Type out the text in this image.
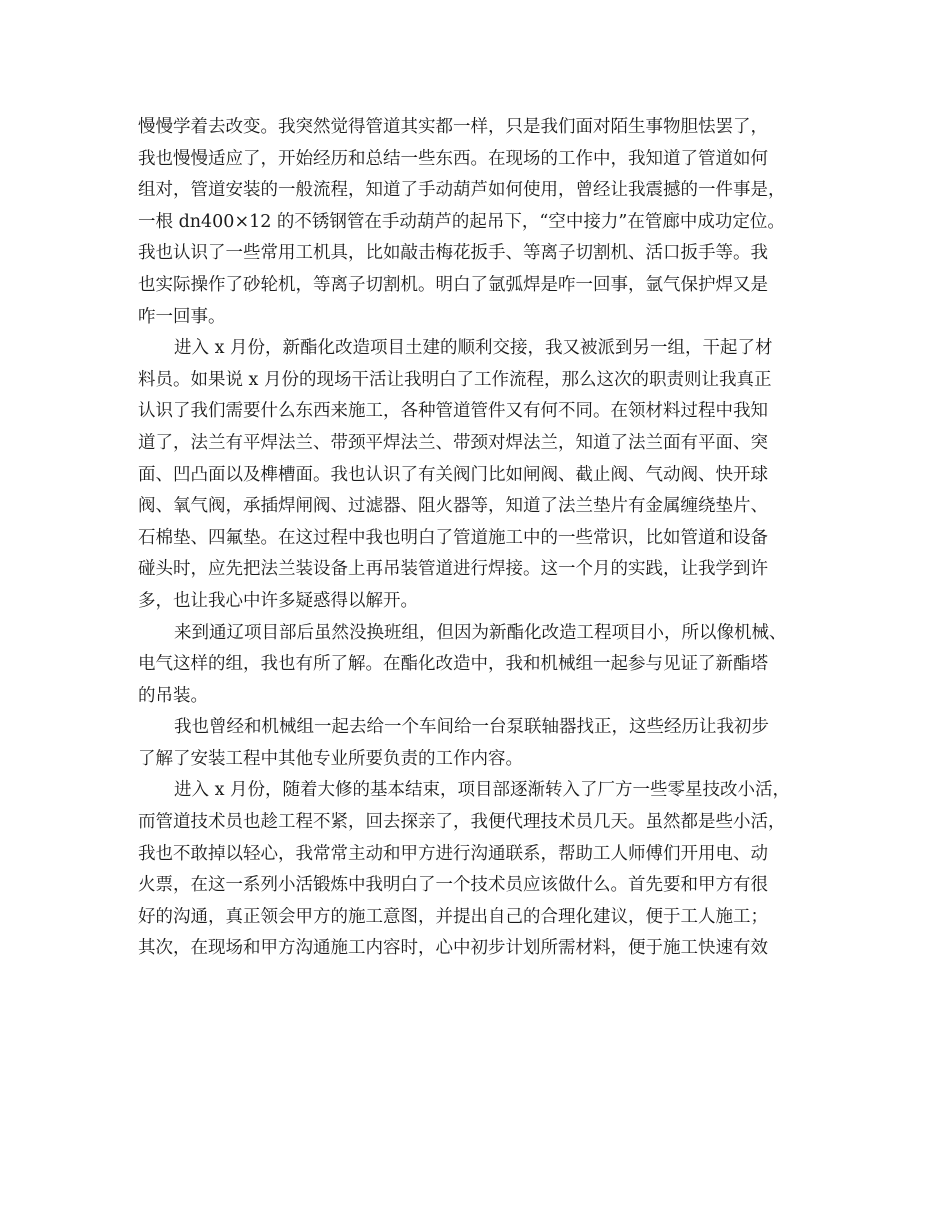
慢慢学着去改变。我突然觉得管道其实都一样，只是我们面对陌生事物胆怯罢了，
我也慢慢适应了，开始经历和总结一些东西。在现场的工作中，我知道了管道如何
组对，管道安装的一般流程，知道了手动葫芦如何使用，曾经让我震撼的一件事是，
一根 dn400×12 的不锈钢管在手动葫芦的起吊下，“空中接力”在管廊中成功定位。
我也认识了一些常用工机具，比如敲击梅花扳手、等离子切割机、活口扳手等。我
也实际操作了砂轮机，等离子切割机。明白了氩弧焊是咋一回事，氩气保护焊又是
咋一回事。
进入 x 月份，新酯化改造项目土建的顺利交接，我又被派到另一组，干起了材
料员。如果说 x 月份的现场干活让我明白了工作流程，那么这次的职责则让我真正
认识了我们需要什么东西来施工，各种管道管件又有何不同。在领材料过程中我知
道了，法兰有平焊法兰、带颈平焊法兰、带颈对焊法兰，知道了法兰面有平面、突
面、凹凸面以及榫槽面。我也认识了有关阀门比如闸阀、截止阀、气动阀、快开球
阀、氧气阀，承插焊闸阀、过滤器、阻火器等，知道了法兰垫片有金属缠绕垫片、
石棉垫、四氟垫。在这过程中我也明白了管道施工中的一些常识，比如管道和设备
碰头时，应先把法兰装设备上再吊装管道进行焊接。这一个月的实践，让我学到许
多，也让我心中许多疑惑得以解开。
来到通辽项目部后虽然没换班组，但因为新酯化改造工程项目小，所以像机械、
电气这样的组，我也有所了解。在酯化改造中，我和机械组一起参与见证了新酯塔
的吊装。
我也曾经和机械组一起去给一个车间给一台泵联轴器找正，这些经历让我初步
了解了安装工程中其他专业所要负责的工作内容。
进入 x 月份，随着大修的基本结束，项目部逐渐转入了厂方一些零星技改小活，
而管道技术员也趁工程不紧，回去探亲了，我便代理技术员几天。虽然都是些小活，
我也不敢掉以轻心，我常常主动和甲方进行沟通联系，帮助工人师傅们开用电、动
火票，在这一系列小活锻炼中我明白了一个技术员应该做什么。首先要和甲方有很
好的沟通，真正领会甲方的施工意图，并提出自己的合理化建议，便于工人施工；
其次，在现场和甲方沟通施工内容时，心中初步计划所需材料，便于施工快速有效
